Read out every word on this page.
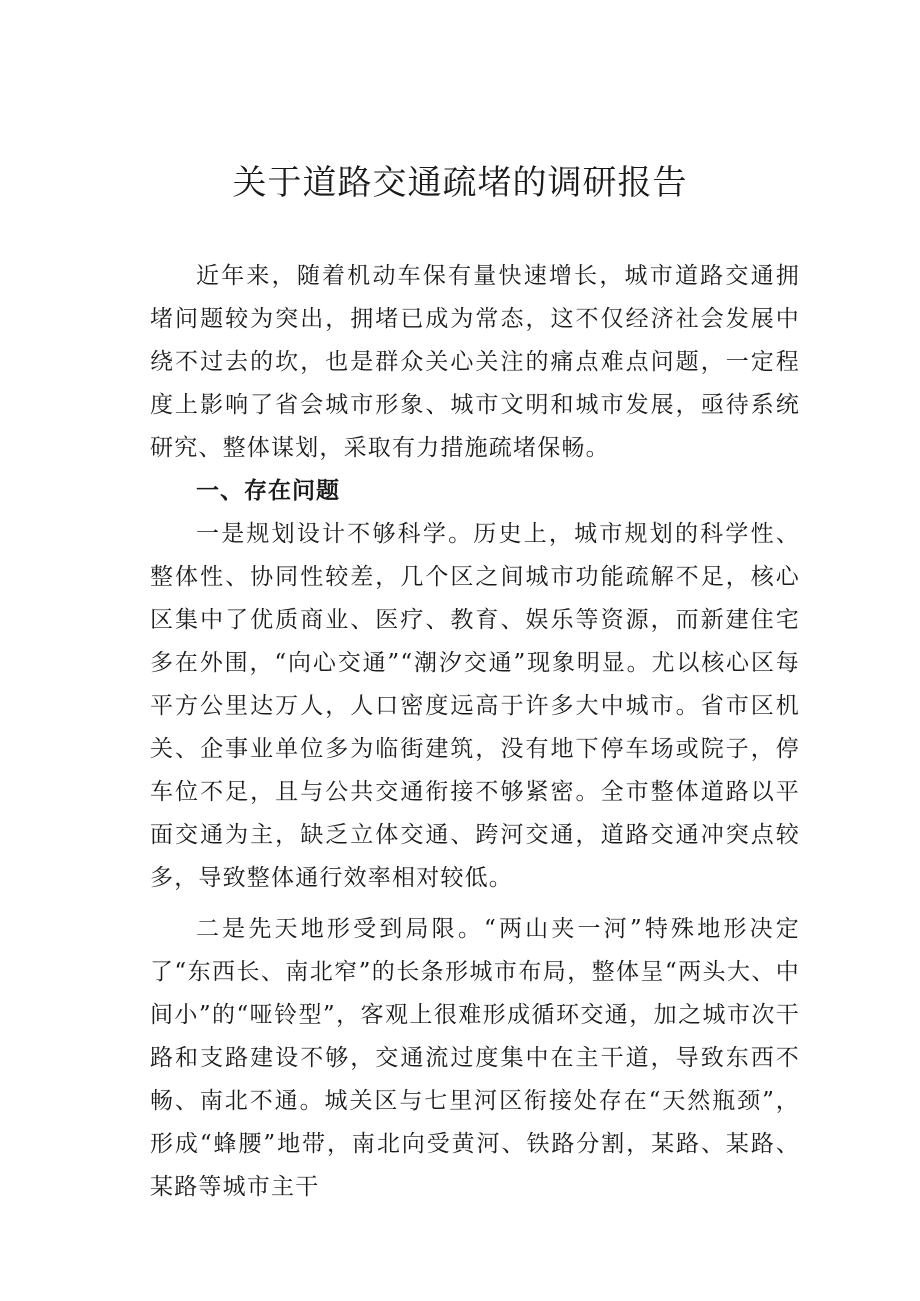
关于道路交通疏堵的调研报告

近年来，随着机动车保有量快速增长，城市道路交通拥堵问题较为突出，拥堵已成为常态，这不仅经济社会发展中绕不过去的坎，也是群众关心关注的痛点难点问题，一定程度上影响了省会城市形象、城市文明和城市发展，亟待系统研究、整体谋划，采取有力措施疏堵保畅。

一、存在问题

一是规划设计不够科学。历史上，城市规划的科学性、整体性、协同性较差，几个区之间城市功能疏解不足，核心区集中了优质商业、医疗、教育、娱乐等资源，而新建住宅多在外围，“向心交通”“潮汐交通”现象明显。尤以核心区每平方公里达万人，人口密度远高于许多大中城市。省市区机关、企事业单位多为临街建筑，没有地下停车场或院子，停车位不足，且与公共交通衔接不够紧密。全市整体道路以平面交通为主，缺乏立体交通、跨河交通，道路交通冲突点较多，导致整体通行效率相对较低。

二是先天地形受到局限。“两山夹一河”特殊地形决定了“东西长、南北窄”的长条形城市布局，整体呈“两头大、中间小”的“哑铃型”，客观上很难形成循环交通，加之城市次干路和支路建设不够，交通流过度集中在主干道，导致东西不畅、南北不通。城关区与七里河区衔接处存在“天然瓶颈”，形成“蜂腰”地带，南北向受黄河、铁路分割，某路、某路、某路等城市主干
